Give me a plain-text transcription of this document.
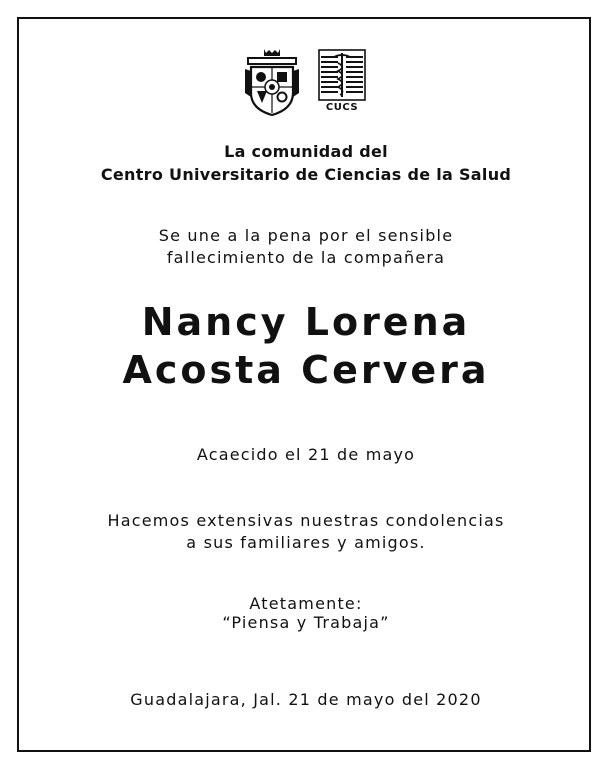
CUCS
La comunidad del
Centro Universitario de Ciencias de la Salud
Se une a la pena por el sensible
fallecimiento de la compañera
Nancy Lorena
Acosta Cervera
Acaecido el 21 de mayo
Hacemos extensivas nuestras condolencias
a sus familiares y amigos.
Atetamente:
“Piensa y Trabaja”
Guadalajara, Jal. 21 de mayo del 2020
